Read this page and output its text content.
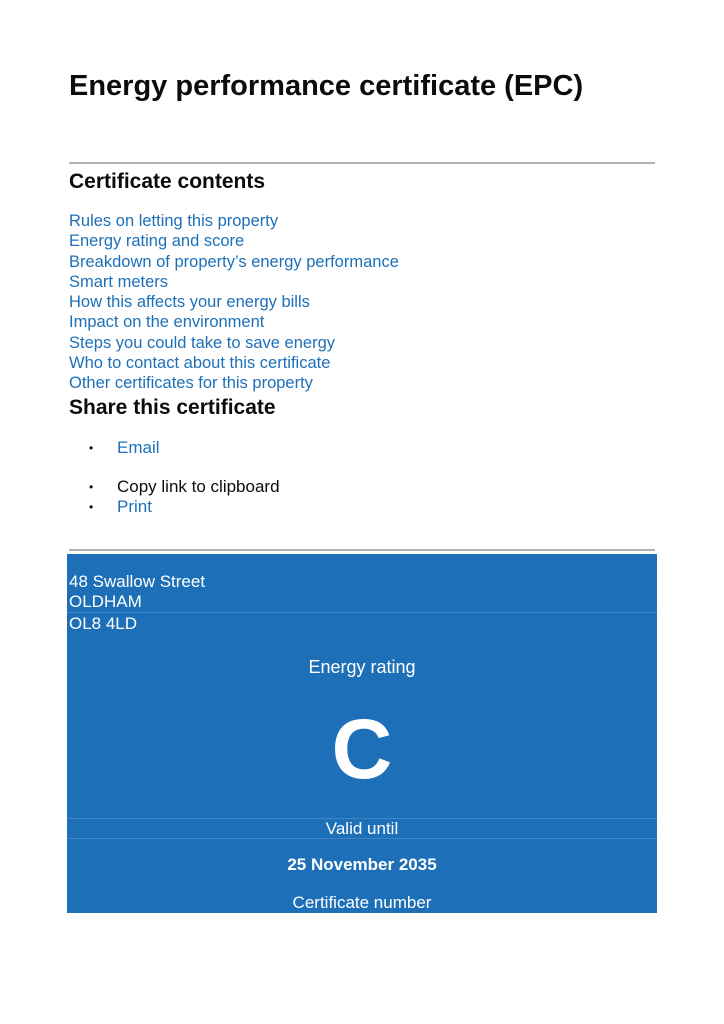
Energy performance certificate (EPC)
Certificate contents
Rules on letting this property
Energy rating and score
Breakdown of property’s energy performance
Smart meters
How this affects your energy bills
Impact on the environment
Steps you could take to save energy
Who to contact about this certificate
Other certificates for this property
Share this certificate
• Email
• Copy link to clipboard
• Print
48 Swallow Street
OLDHAM
OL8 4LD
Energy rating
C
Valid until
25 November 2035
Certificate number
